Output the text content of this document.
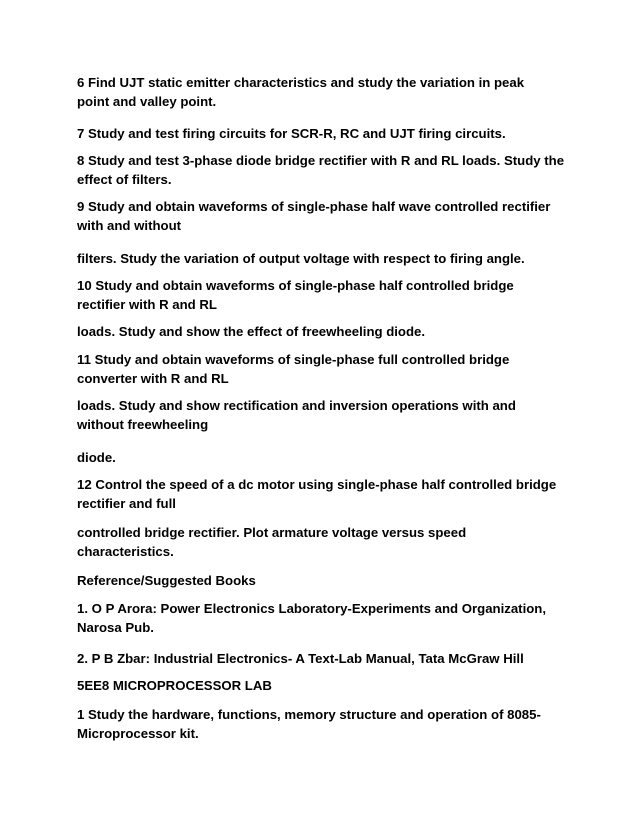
6 Find UJT static emitter characteristics and study the variation in peak
point and valley point.

7 Study and test firing circuits for SCR-R, RC and UJT firing circuits.

8 Study and test 3-phase diode bridge rectifier with R and RL loads. Study the
effect of filters.

9 Study and obtain waveforms of single-phase half wave controlled rectifier
with and without

filters. Study the variation of output voltage with respect to firing angle.

10 Study and obtain waveforms of single-phase half controlled bridge
rectifier with R and RL

loads. Study and show the effect of freewheeling diode.

11 Study and obtain waveforms of single-phase full controlled bridge
converter with R and RL

loads. Study and show rectification and inversion operations with and
without freewheeling

diode.

12 Control the speed of a dc motor using single-phase half controlled bridge
rectifier and full

controlled bridge rectifier. Plot armature voltage versus speed
characteristics.

Reference/Suggested Books

1. O P Arora: Power Electronics Laboratory-Experiments and Organization,
Narosa Pub.

2. P B Zbar: Industrial Electronics- A Text-Lab Manual, Tata McGraw Hill

5EE8 MICROPROCESSOR LAB

1 Study the hardware, functions, memory structure and operation of 8085-
Microprocessor kit.
